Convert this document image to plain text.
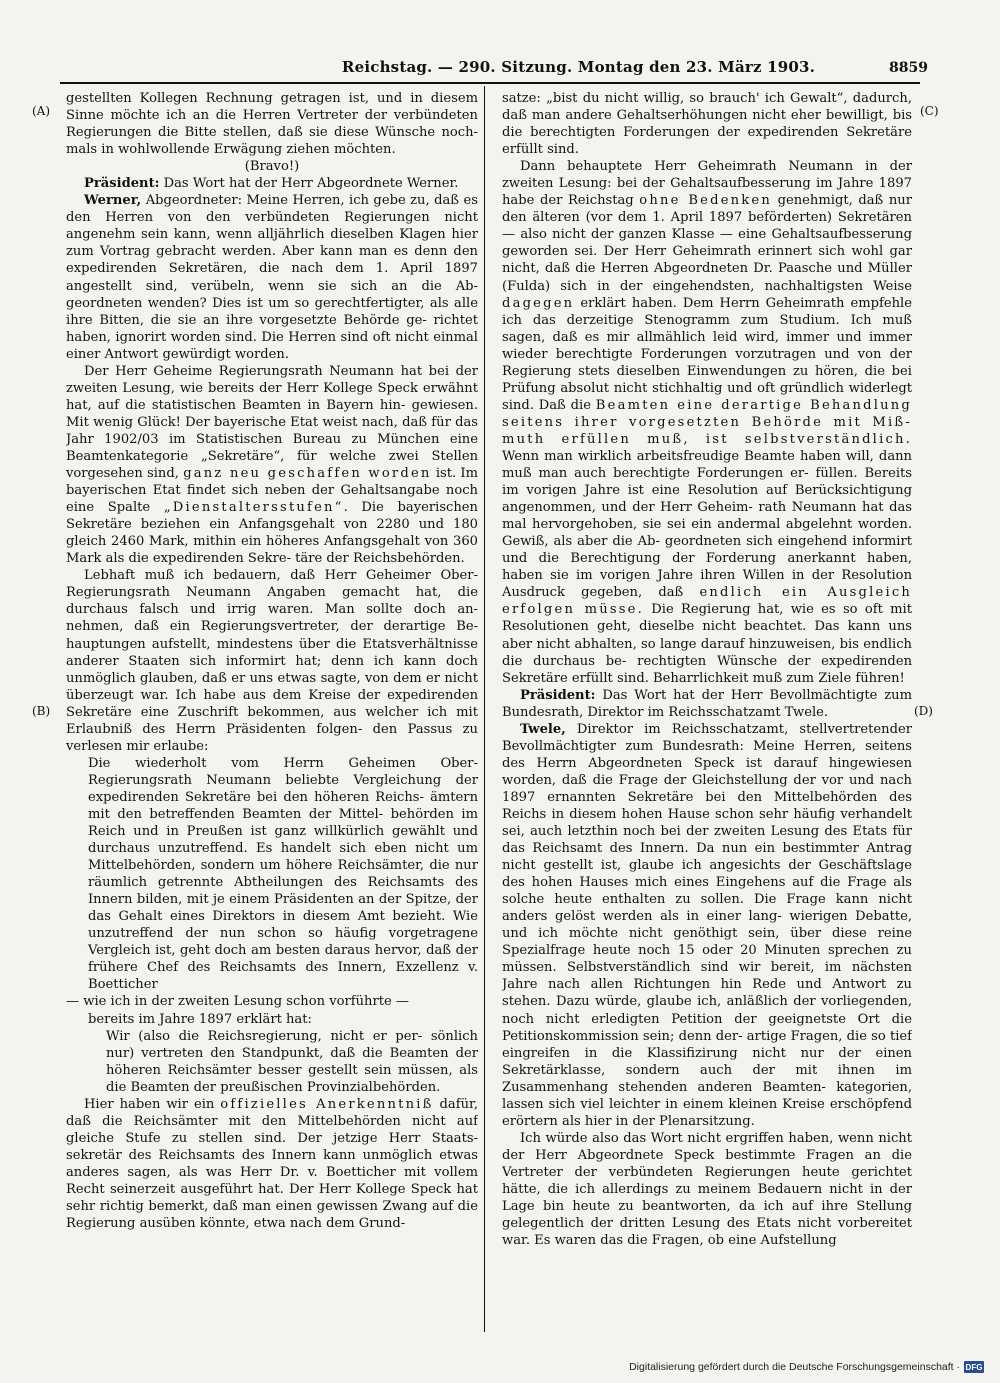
Reichstag. — 290. Sitzung. Montag den 23. März 1903.	8859
(A)
(B)
(C)
(D)

gestellten Kollegen Rechnung getragen ist, und in diesem Sinne möchte ich an die Herren Vertreter der verbündeten Regierungen die Bitte stellen, daß sie diese Wünsche noch- mals in wohlwollende Erwägung ziehen möchten.

(Bravo!)

Präsident: Das Wort hat der Herr Abgeordnete Werner.

Werner, Abgeordneter: Meine Herren, ich gebe zu, daß es den Herren von den verbündeten Regierungen nicht angenehm sein kann, wenn alljährlich dieselben Klagen hier zum Vortrag gebracht werden. Aber kann man es denn den expedirenden Sekretären, die nach dem 1. April 1897 angestellt sind, verübeln, wenn sie sich an die Ab- geordneten wenden? Dies ist um so gerechtfertigter, als alle ihre Bitten, die sie an ihre vorgesetzte Behörde ge- richtet haben, ignorirt worden sind. Die Herren sind oft nicht einmal einer Antwort gewürdigt worden.

Der Herr Geheime Regierungsrath Neumann hat bei der zweiten Lesung, wie bereits der Herr Kollege Speck erwähnt hat, auf die statistischen Beamten in Bayern hin- gewiesen. Mit wenig Glück! Der bayerische Etat weist nach, daß für das Jahr 1902/03 im Statistischen Bureau zu München eine Beamtenkategorie „Sekretäre“, für welche zwei Stellen vorgesehen sind, ganz neu geschaffen worden ist. Im bayerischen Etat findet sich neben der Gehaltsangabe noch eine Spalte „Dienstaltersstufen“. Die bayerischen Sekretäre beziehen ein Anfangsgehalt von 2280 und 180 gleich 2460 Mark, mithin ein höheres Anfangsgehalt von 360 Mark als die expedirenden Sekre- täre der Reichsbehörden.

Lebhaft muß ich bedauern, daß Herr Geheimer Ober- Regierungsrath Neumann Angaben gemacht hat, die durchaus falsch und irrig waren. Man sollte doch an- nehmen, daß ein Regierungsvertreter, der derartige Be- hauptungen aufstellt, mindestens über die Etatsverhältnisse anderer Staaten sich informirt hat; denn ich kann doch unmöglich glauben, daß er uns etwas sagte, von dem er nicht überzeugt war. Ich habe aus dem Kreise der expedirenden Sekretäre eine Zuschrift bekommen, aus welcher ich mit Erlaubniß des Herrn Präsidenten folgen- den Passus zu verlesen mir erlaube:

Die wiederholt vom Herrn Geheimen Ober- Regierungsrath Neumann beliebte Vergleichung der expedirenden Sekretäre bei den höheren Reichs- ämtern mit den betreffenden Beamten der Mittel- behörden im Reich und in Preußen ist ganz willkürlich gewählt und durchaus unzutreffend. Es handelt sich eben nicht um Mittelbehörden, sondern um höhere Reichsämter, die nur räumlich getrennte Abtheilungen des Reichsamts des Innern bilden, mit je einem Präsidenten an der Spitze, der das Gehalt eines Direktors in diesem Amt bezieht. Wie unzutreffend der nun schon so häufig vorgetragene Vergleich ist, geht doch am besten daraus hervor, daß der frühere Chef des Reichsamts des Innern, Exzellenz v. Boetticher

— wie ich in der zweiten Lesung schon vorführte —

bereits im Jahre 1897 erklärt hat:

Wir (also die Reichsregierung, nicht er per- sönlich nur) vertreten den Standpunkt, daß die Beamten der höheren Reichsämter besser gestellt sein müssen, als die Beamten der preußischen Provinzialbehörden.

Hier haben wir ein offizielles Anerkenntniß dafür, daß die Reichsämter mit den Mittelbehörden nicht auf gleiche Stufe zu stellen sind. Der jetzige Herr Staats- sekretär des Reichsamts des Innern kann unmöglich etwas anderes sagen, als was Herr Dr. v. Boetticher mit vollem Recht seinerzeit ausgeführt hat. Der Herr Kollege Speck hat sehr richtig bemerkt, daß man einen gewissen Zwang auf die Regierung ausüben könnte, etwa nach dem Grund-

satze: „bist du nicht willig, so brauch' ich Gewalt“, dadurch, daß man andere Gehaltserhöhungen nicht eher bewilligt, bis die berechtigten Forderungen der expedirenden Sekretäre erfüllt sind.

Dann behauptete Herr Geheimrath Neumann in der zweiten Lesung: bei der Gehaltsaufbesserung im Jahre 1897 habe der Reichstag ohne Bedenken genehmigt, daß nur den älteren (vor dem 1. April 1897 beförderten) Sekretären — also nicht der ganzen Klasse — eine Gehaltsaufbesserung geworden sei. Der Herr Geheimrath erinnert sich wohl gar nicht, daß die Herren Abgeordneten Dr. Paasche und Müller (Fulda) sich in der eingehendsten, nachhaltigsten Weise dagegen erklärt haben. Dem Herrn Geheimrath empfehle ich das derzeitige Stenogramm zum Studium. Ich muß sagen, daß es mir allmählich leid wird, immer und immer wieder berechtigte Forderungen vorzutragen und von der Regierung stets dieselben Einwendungen zu hören, die bei Prüfung absolut nicht stichhaltig und oft gründlich widerlegt sind. Daß die Beamten eine derartige Behandlung seitens ihrer vorgesetzten Behörde mit Miß- muth erfüllen muß, ist selbstverständlich. Wenn man wirklich arbeitsfreudige Beamte haben will, dann muß man auch berechtigte Forderungen er- füllen. Bereits im vorigen Jahre ist eine Resolution auf Berücksichtigung angenommen, und der Herr Geheim- rath Neumann hat das mal hervorgehoben, sie sei ein andermal abgelehnt worden. Gewiß, als aber die Ab- geordneten sich eingehend informirt und die Berechtigung der Forderung anerkannt haben, haben sie im vorigen Jahre ihren Willen in der Resolution Ausdruck gegeben, daß endlich ein Ausgleich erfolgen müsse. Die Regierung hat, wie es so oft mit Resolutionen geht, dieselbe nicht beachtet. Das kann uns aber nicht abhalten, so lange darauf hinzuweisen, bis endlich die durchaus be- rechtigten Wünsche der expedirenden Sekretäre erfüllt sind. Beharrlichkeit muß zum Ziele führen!

Präsident: Das Wort hat der Herr Bevollmächtigte zum Bundesrath, Direktor im Reichsschatzamt Twele.

Twele, Direktor im Reichsschatzamt, stellvertretender Bevollmächtigter zum Bundesrath: Meine Herren, seitens des Herrn Abgeordneten Speck ist darauf hingewiesen worden, daß die Frage der Gleichstellung der vor und nach 1897 ernannten Sekretäre bei den Mittelbehörden des Reichs in diesem hohen Hause schon sehr häufig verhandelt sei, auch letzthin noch bei der zweiten Lesung des Etats für das Reichsamt des Innern. Da nun ein bestimmter Antrag nicht gestellt ist, glaube ich angesichts der Geschäftslage des hohen Hauses mich eines Eingehens auf die Frage als solche heute enthalten zu sollen. Die Frage kann nicht anders gelöst werden als in einer lang- wierigen Debatte, und ich möchte nicht genöthigt sein, über diese reine Spezialfrage heute noch 15 oder 20 Minuten sprechen zu müssen. Selbstverständlich sind wir bereit, im nächsten Jahre nach allen Richtungen hin Rede und Antwort zu stehen. Dazu würde, glaube ich, anläßlich der vorliegenden, noch nicht erledigten Petition der geeignetste Ort die Petitionskommission sein; denn der- artige Fragen, die so tief eingreifen in die Klassifizirung nicht nur der einen Sekretärklasse, sondern auch der mit ihnen im Zusammenhang stehenden anderen Beamten- kategorien, lassen sich viel leichter in einem kleinen Kreise erschöpfend erörtern als hier in der Plenarsitzung.

Ich würde also das Wort nicht ergriffen haben, wenn nicht der Herr Abgeordnete Speck bestimmte Fragen an die Vertreter der verbündeten Regierungen heute gerichtet hätte, die ich allerdings zu meinem Bedauern nicht in der Lage bin heute zu beantworten, da ich auf ihre Stellung gelegentlich der dritten Lesung des Etats nicht vorbereitet war. Es waren das die Fragen, ob eine Aufstellung

Digitalisierung gefördert durch die Deutsche Forschungsgemeinschaft · DFG
